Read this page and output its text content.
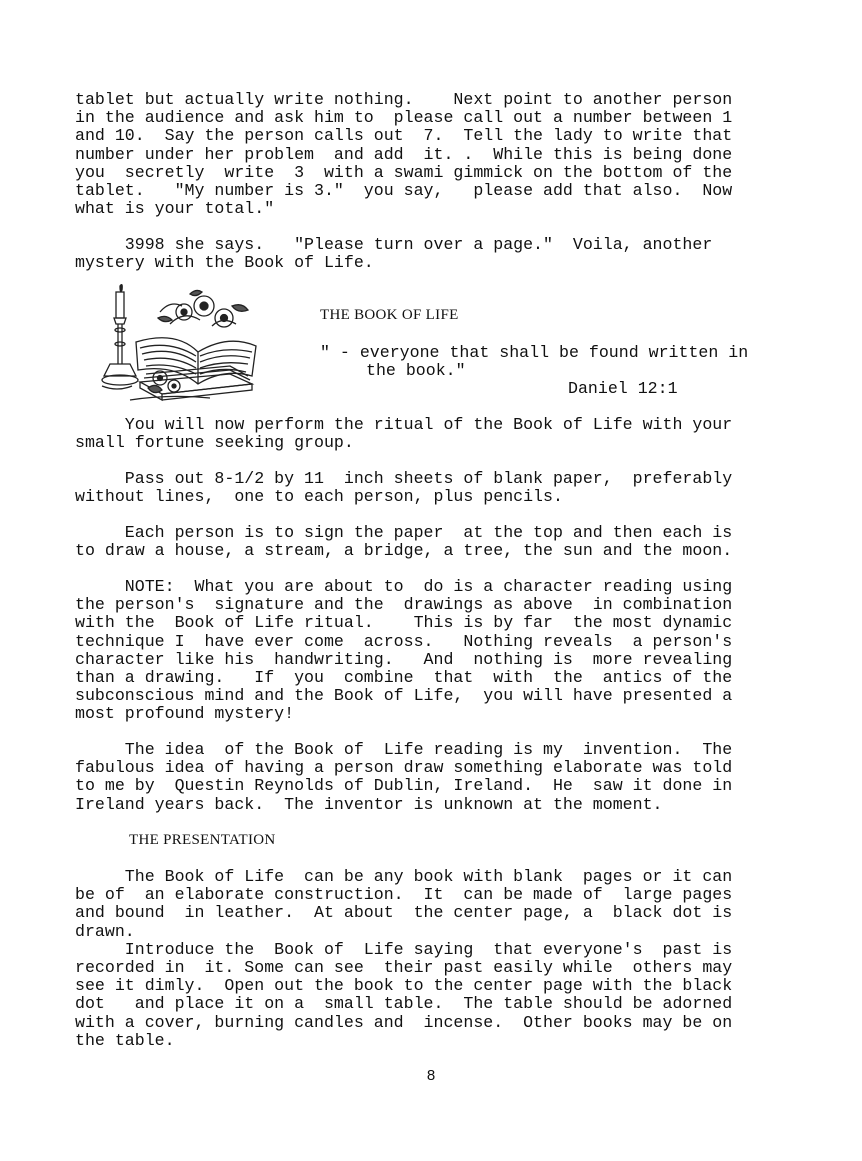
tablet but actually write nothing.    Next point to another person
in the audience and ask him to  please call out a number between 1
and 10.  Say the person calls out  7.  Tell the lady to write that
number under her problem  and add  it. .  While this is being done
you  secretly  write  3  with a swami gimmick on the bottom of the
tablet.   "My number is 3."  you say,   please add that also.  Now
what is your total."
3998 she says.   "Please turn over a page."  Voila, another
mystery with the Book of Life.
THE BOOK OF LIFE
" - everyone that shall be found written in
the book."
Daniel 12:1
You will now perform the ritual of the Book of Life with your
small fortune seeking group.
Pass out 8-1/2 by 11  inch sheets of blank paper,  preferably
without lines,  one to each person, plus pencils.
Each person is to sign the paper  at the top and then each is
to draw a house, a stream, a bridge, a tree, the sun and the moon.
NOTE:  What you are about to  do is a character reading using
the person's  signature and the  drawings as above  in combination
with the  Book of Life ritual.    This is by far  the most dynamic
technique I  have ever come  across.   Nothing reveals  a person's
character like his  handwriting.   And  nothing is  more revealing
than a drawing.   If  you  combine  that  with  the  antics of the
subconscious mind and the Book of Life,  you will have presented a
most profound mystery!
The idea  of the Book of  Life reading is my  invention.  The
fabulous idea of having a person draw something elaborate was told
to me by  Questin Reynolds of Dublin, Ireland.  He  saw it done in
Ireland years back.  The inventor is unknown at the moment.
THE PRESENTATION
The Book of Life  can be any book with blank  pages or it can
be of  an elaborate construction.  It  can be made of  large pages
and bound  in leather.  At about  the center page, a  black dot is
drawn.
Introduce the  Book of  Life saying  that everyone's  past is
recorded in  it. Some can see  their past easily while  others may
see it dimly.  Open out the book to the center page with the black
dot   and place it on a  small table.  The table should be adorned
with a cover, burning candles and  incense.  Other books may be on
the table.
8
